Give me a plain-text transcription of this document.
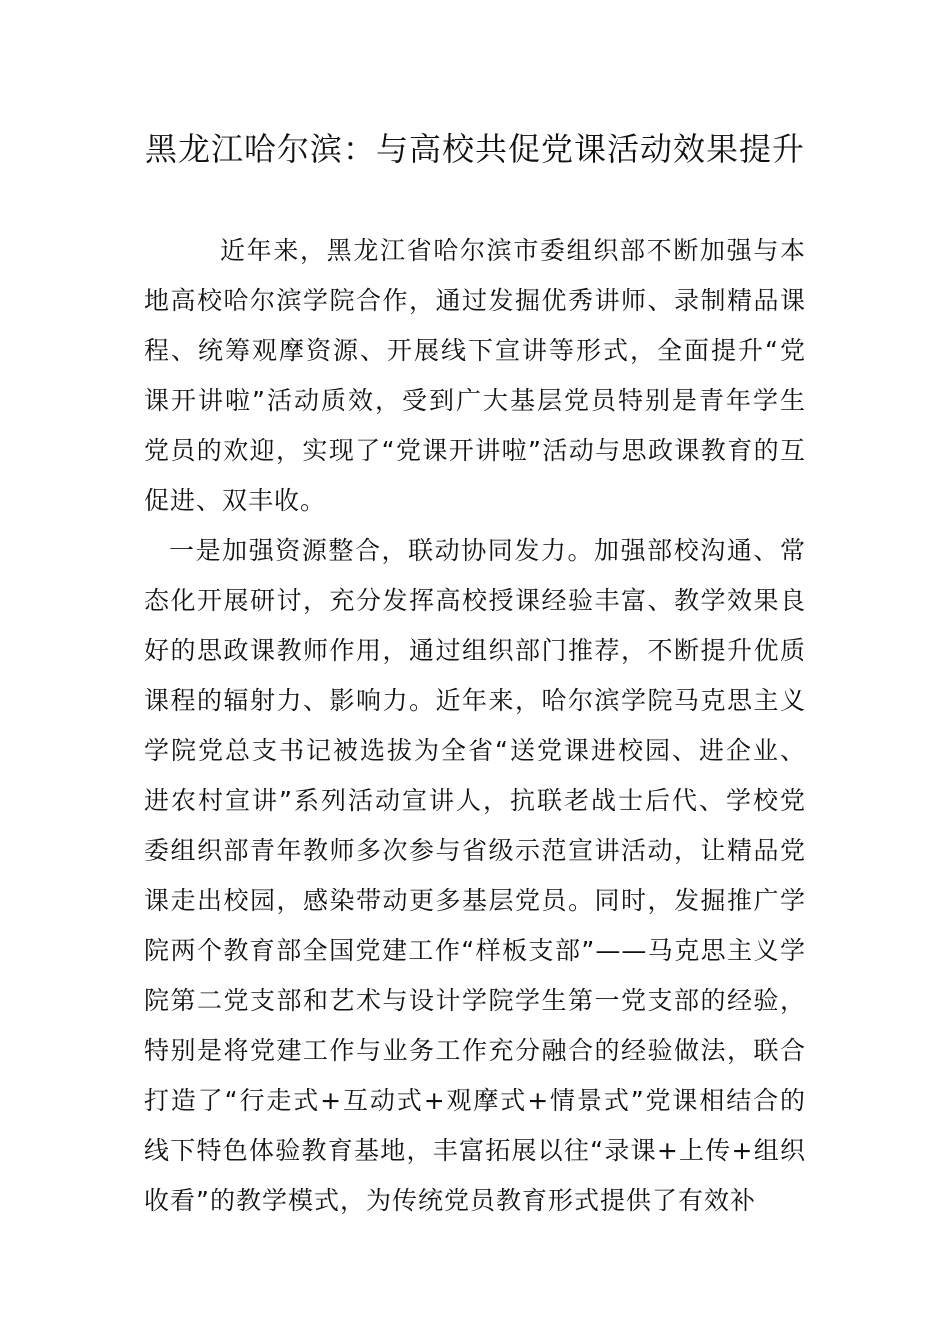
黑龙江哈尔滨：与高校共促党课活动效果提升

近年来，黑龙江省哈尔滨市委组织部不断加强与本地高校哈尔滨学院合作，通过发掘优秀讲师、录制精品课程、统筹观摩资源、开展线下宣讲等形式，全面提升“党课开讲啦”活动质效，受到广大基层党员特别是青年学生党员的欢迎，实现了“党课开讲啦”活动与思政课教育的互促进、双丰收。

一是加强资源整合，联动协同发力。加强部校沟通、常态化开展研讨，充分发挥高校授课经验丰富、教学效果良好的思政课教师作用，通过组织部门推荐，不断提升优质课程的辐射力、影响力。近年来，哈尔滨学院马克思主义学院党总支书记被选拔为全省“送党课进校园、进企业、进农村宣讲”系列活动宣讲人，抗联老战士后代、学校党委组织部青年教师多次参与省级示范宣讲活动，让精品党课走出校园，感染带动更多基层党员。同时，发掘推广学院两个教育部全国党建工作“样板支部”——马克思主义学院第二党支部和艺术与设计学院学生第一党支部的经验，特别是将党建工作与业务工作充分融合的经验做法，联合打造了“行走式+互动式+观摩式+情景式”党课相结合的线下特色体验教育基地，丰富拓展以往“录课+上传+组织收看”的教学模式，为传统党员教育形式提供了有效补
